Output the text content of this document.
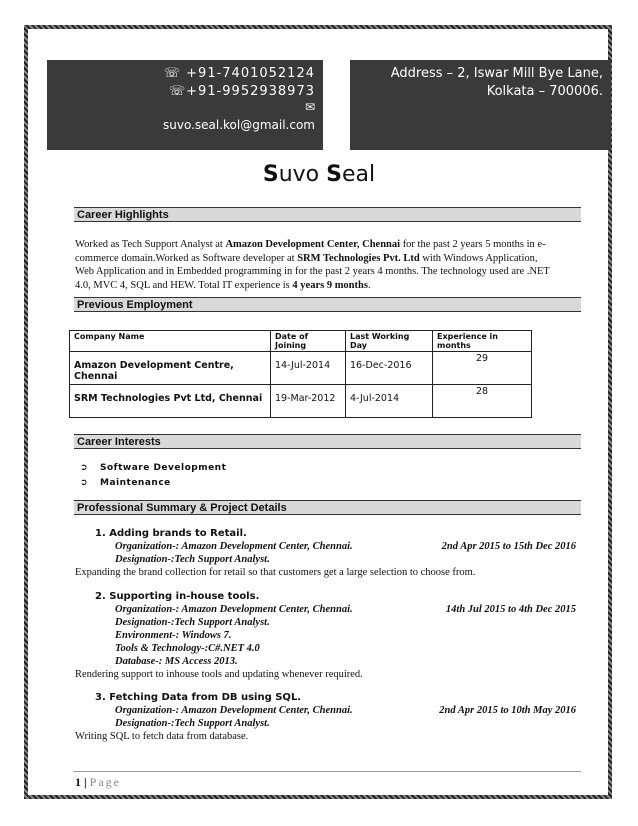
☏ +91-7401052124
☏+91-9952938973
✉
suvo.seal.kol@gmail.com
Address – 2, Iswar Mill Bye Lane,
Kolkata – 700006.
Suvo Seal
Career Highlights
Worked as Tech Support Analyst at Amazon Development Center, Chennai for the past 2 years 5 months in e-commerce domain.Worked as Software developer at SRM Technologies Pvt. Ltd with Windows Application, Web Application and in Embedded programming in for the past 2 years 4 months. The technology used are .NET 4.0, MVC 4, SQL and HEW. Total IT experience is 4 years 9 months.
Previous Employment
Company Name	Date of Joining	Last Working Day	Experience in months
Amazon Development Centre, Chennai	14-Jul-2014	16-Dec-2016	29
SRM Technologies Pvt Ltd, Chennai	19-Mar-2012	4-Jul-2014	28
Career Interests
➲ Software Development
➲ Maintenance
Professional Summary & Project Details
1. Adding brands to Retail.
Organization-: Amazon Development Center, Chennai.	2nd Apr 2015 to 15th Dec 2016
Designation-:Tech Support Analyst.
Expanding the brand collection for retail so that customers get a large selection to choose from.
2. Supporting in-house tools.
Organization-: Amazon Development Center, Chennai.	14th Jul 2015 to 4th Dec 2015
Designation-:Tech Support Analyst.
Environment-: Windows 7.
Tools & Technology-:C#.NET 4.0
Database-: MS Access 2013.
Rendering support to inhouse tools and updating whenever required.
3. Fetching Data from DB using SQL.
Organization-: Amazon Development Center, Chennai.	2nd Apr 2015 to 10th May 2016
Designation-:Tech Support Analyst.
Writing SQL to fetch data from database.
1 | Page
